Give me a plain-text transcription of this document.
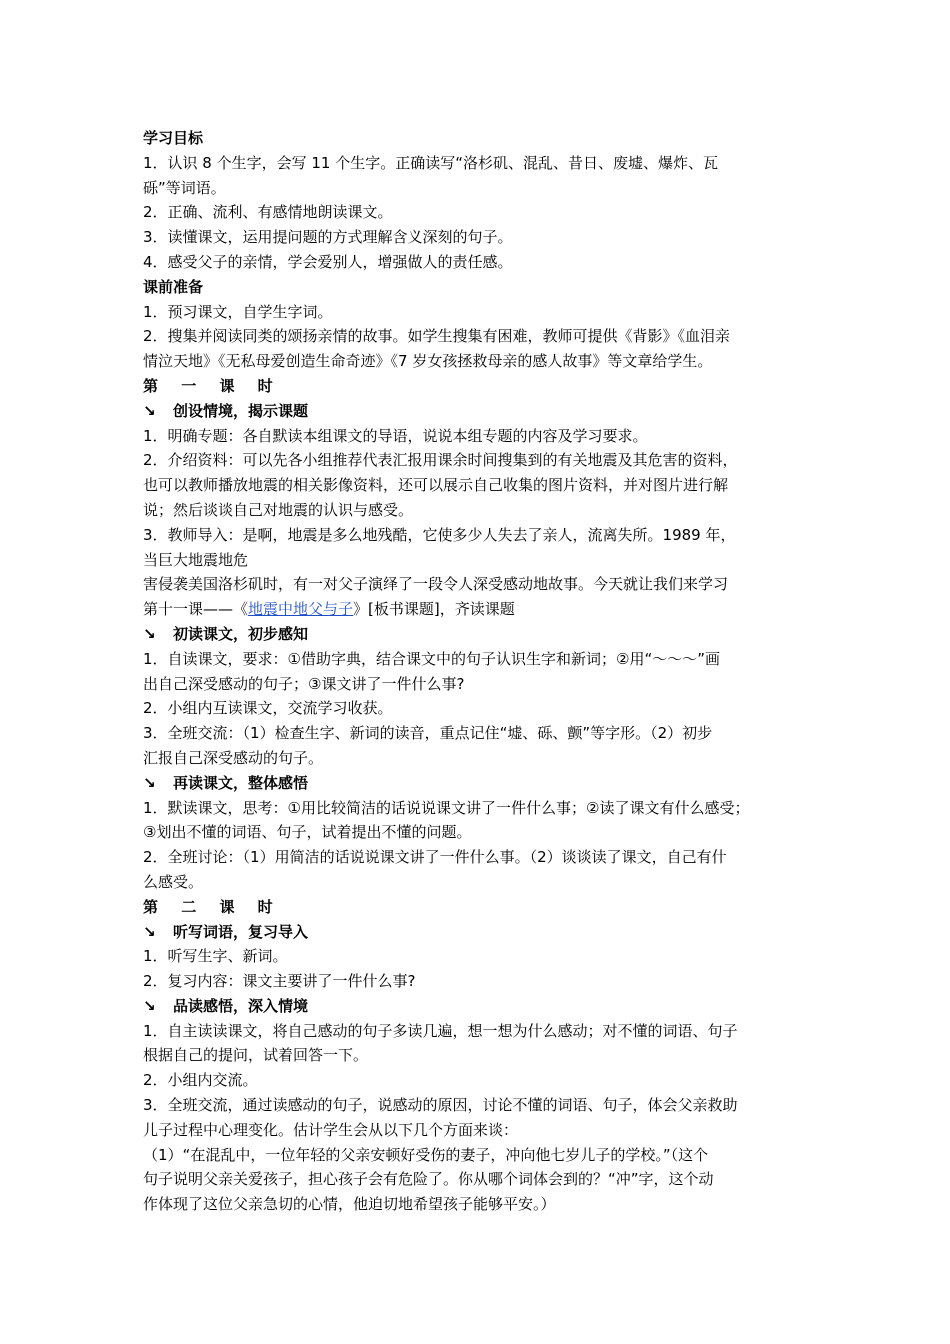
学习目标
1．认识 8 个生字，会写 11 个生字。正确读写“洛杉矶、混乱、昔日、废墟、爆炸、瓦
砾”等词语。
2．正确、流利、有感情地朗读课文。
3．读懂课文，运用提问题的方式理解含义深刻的句子。
4．感受父子的亲情，学会爱别人，增强做人的责任感。
课前准备
1．预习课文，自学生字词。
2．搜集并阅读同类的颂扬亲情的故事。如学生搜集有困难，教师可提供《背影》《血泪亲
情泣天地》《无私母爱创造生命奇迹》《7 岁女孩拯救母亲的感人故事》等文章给学生。
第 一 课 时
↘ 创设情境，揭示课题
1．明确专题：各自默读本组课文的导语，说说本组专题的内容及学习要求。
2．介绍资料：可以先各小组推荐代表汇报用课余时间搜集到的有关地震及其危害的资料，
也可以教师播放地震的相关影像资料，还可以展示自己收集的图片资料，并对图片进行解
说；然后谈谈自己对地震的认识与感受。
3．教师导入：是啊，地震是多么地残酷，它使多少人失去了亲人，流离失所。1989 年，
当巨大地震地危
害侵袭美国洛杉矶时，有一对父子演绎了一段令人深受感动地故事。今天就让我们来学习
第十一课——《地震中地父与子》[板书课题]，齐读课题
↘ 初读课文，初步感知
1．自读课文，要求：①借助字典，结合课文中的句子认识生字和新词；②用“～～～”画
出自己深受感动的句子；③课文讲了一件什么事?
2．小组内互读课文，交流学习收获。
3．全班交流：（1）检查生字、新词的读音，重点记住“墟、砾、颤”等字形。（2）初步
汇报自己深受感动的句子。
↘ 再读课文，整体感悟
1．默读课文，思考：①用比较简洁的话说说课文讲了一件什么事；②读了课文有什么感受；
③划出不懂的词语、句子，试着提出不懂的问题。
2．全班讨论：（1）用简洁的话说说课文讲了一件什么事。（2）谈谈读了课文，自己有什
么感受。
第 二 课 时
↘ 听写词语，复习导入
1．听写生字、新词。
2．复习内容：课文主要讲了一件什么事?
↘ 品读感悟，深入情境
1．自主读读课文，将自己感动的句子多读几遍，想一想为什么感动；对不懂的词语、句子
根据自己的提问，试着回答一下。
2．小组内交流。
3．全班交流，通过读感动的句子，说感动的原因，讨论不懂的词语、句子，体会父亲救助
儿子过程中心理变化。估计学生会从以下几个方面来谈：
（1）“在混乱中，一位年轻的父亲安顿好受伤的妻子，冲向他七岁儿子的学校。”（这个
句子说明父亲关爱孩子，担心孩子会有危险了。你从哪个词体会到的？“冲”字，这个动
作体现了这位父亲急切的心情，他迫切地希望孩子能够平安。）
